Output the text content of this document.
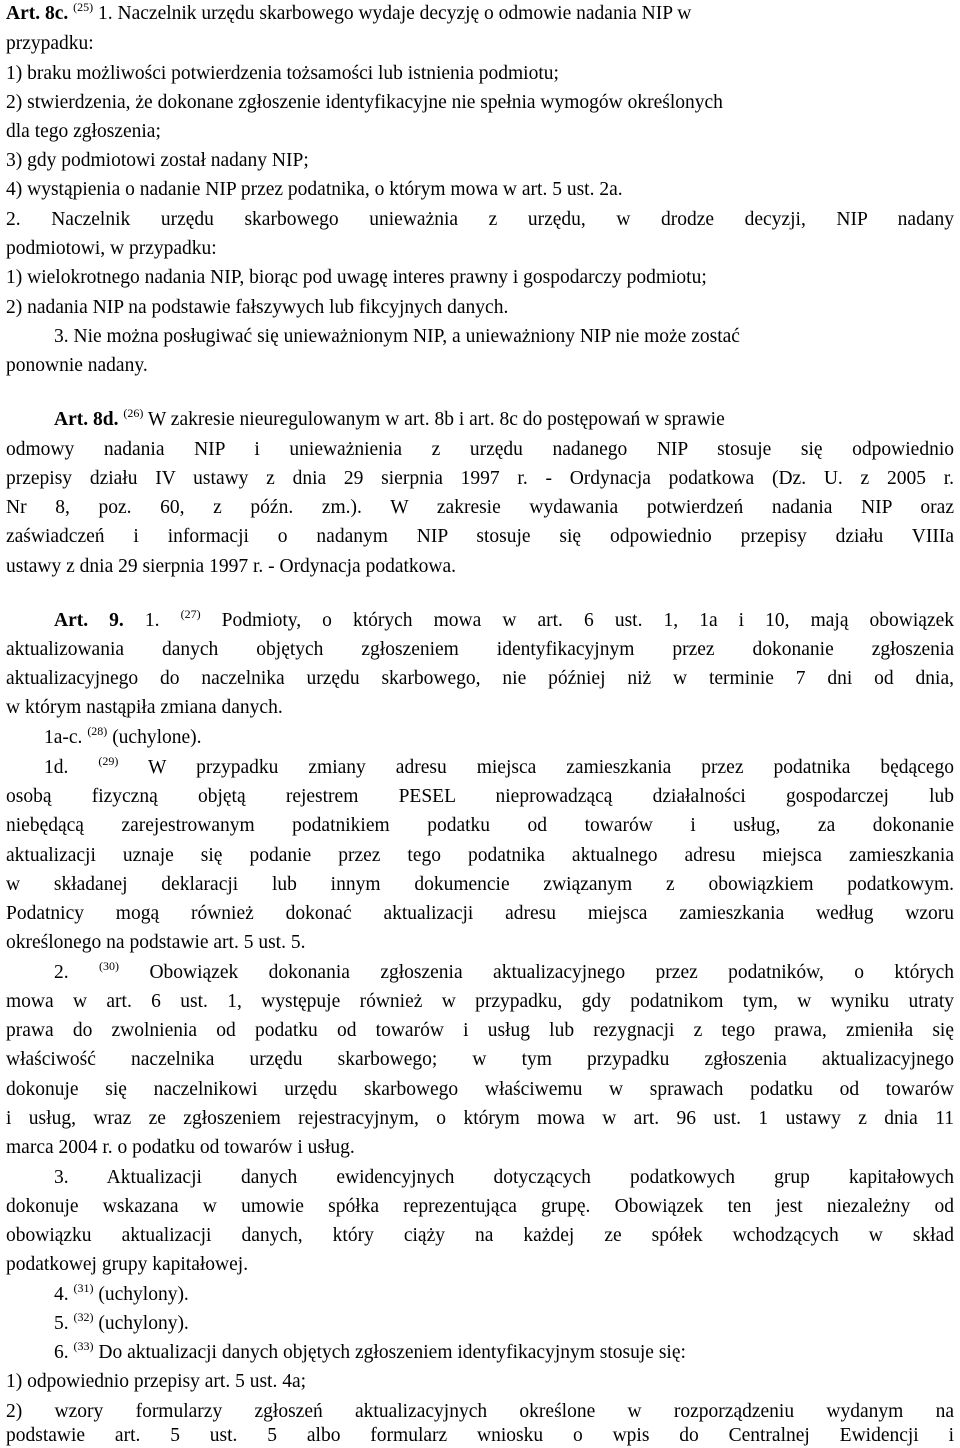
Art. 8c. $^{(25)}$ 1. Naczelnik urzędu skarbowego wydaje decyzję o odmowie nadania NIP w
przypadku:
1) braku możliwości potwierdzenia tożsamości lub istnienia podmiotu;
2) stwierdzenia, że dokonane zgłoszenie identyfikacyjne nie spełnia wymogów określonych
dla tego zgłoszenia;
3) gdy podmiotowi został nadany NIP;
4) wystąpienia o nadanie NIP przez podatnika, o którym mowa w art. 5 ust. 2a.
2. Naczelnik urzędu skarbowego unieważnia z urzędu, w drodze decyzji, NIP nadany
podmiotowi, w przypadku:
1) wielokrotnego nadania NIP, biorąc pod uwagę interes prawny i gospodarczy podmiotu;
2) nadania NIP na podstawie fałszywych lub fikcyjnych danych.
3. Nie można posługiwać się unieważnionym NIP, a unieważniony NIP nie może zostać
ponownie nadany.
Art. 8d. $^{(26)}$ W zakresie nieuregulowanym w art. 8b i art. 8c do postępowań w sprawie
odmowy nadania NIP i unieważnienia z urzędu nadanego NIP stosuje się odpowiednio
przepisy działu IV ustawy z dnia 29 sierpnia 1997 r. - Ordynacja podatkowa (Dz. U. z 2005 r.
Nr 8, poz. 60, z późn. zm.). W zakresie wydawania potwierdzeń nadania NIP oraz
zaświadczeń i informacji o nadanym NIP stosuje się odpowiednio przepisy działu VIIIa
ustawy z dnia 29 sierpnia 1997 r. - Ordynacja podatkowa.
Art. 9. 1. $^{(27)}$ Podmioty, o których mowa w art. 6 ust. 1, 1a i 10, mają obowiązek
aktualizowania danych objętych zgłoszeniem identyfikacyjnym przez dokonanie zgłoszenia
aktualizacyjnego do naczelnika urzędu skarbowego, nie później niż w terminie 7 dni od dnia,
w którym nastąpiła zmiana danych.
1a-c. $^{(28)}$ (uchylone).
1d.	$^{(29)}$ W przypadku zmiany adresu miejsca zamieszkania przez podatnika będącego
osobą fizyczną objętą rejestrem PESEL nieprowadzącą działalności gospodarczej lub
niebędącą zarejestrowanym podatnikiem podatku od towarów i usług, za dokonanie
aktualizacji uznaje się podanie przez tego podatnika aktualnego adresu miejsca zamieszkania
w składanej deklaracji lub innym dokumencie związanym z obowiązkiem podatkowym.
Podatnicy mogą również dokonać aktualizacji adresu miejsca zamieszkania według wzoru
określonego na podstawie art. 5 ust. 5.
2.	$^{(30)}$ Obowiązek dokonania zgłoszenia aktualizacyjnego przez podatników, o których
mowa w art. 6 ust. 1, występuje również w przypadku, gdy podatnikom tym, w wyniku utraty
prawa do zwolnienia od podatku od towarów i usług lub rezygnacji z tego prawa, zmieniła się
właściwość naczelnika urzędu skarbowego; w tym przypadku zgłoszenia aktualizacyjnego
dokonuje się naczelnikowi urzędu skarbowego właściwemu w sprawach podatku od towarów
i usług, wraz ze zgłoszeniem rejestracyjnym, o którym mowa w art. 96 ust. 1 ustawy z dnia 11
marca 2004 r. o podatku od towarów i usług.
3. Aktualizacji danych ewidencyjnych dotyczących podatkowych grup kapitałowych
dokonuje wskazana w umowie spółka reprezentująca grupę. Obowiązek ten jest niezależny od
obowiązku aktualizacji danych, który ciąży na każdej ze spółek wchodzących w skład
podatkowej grupy kapitałowej.
4. $^{(31)}$ (uchylony).
5. $^{(32)}$ (uchylony).
6. $^{(33)}$ Do aktualizacji danych objętych zgłoszeniem identyfikacyjnym stosuje się:
1) odpowiednio przepisy art. 5 ust. 4a;
2) wzory formularzy zgłoszeń aktualizacyjnych określone w rozporządzeniu wydanym na
podstawie art. 5 ust. 5 albo formularz wniosku o wpis do Centralnej Ewidencji i
